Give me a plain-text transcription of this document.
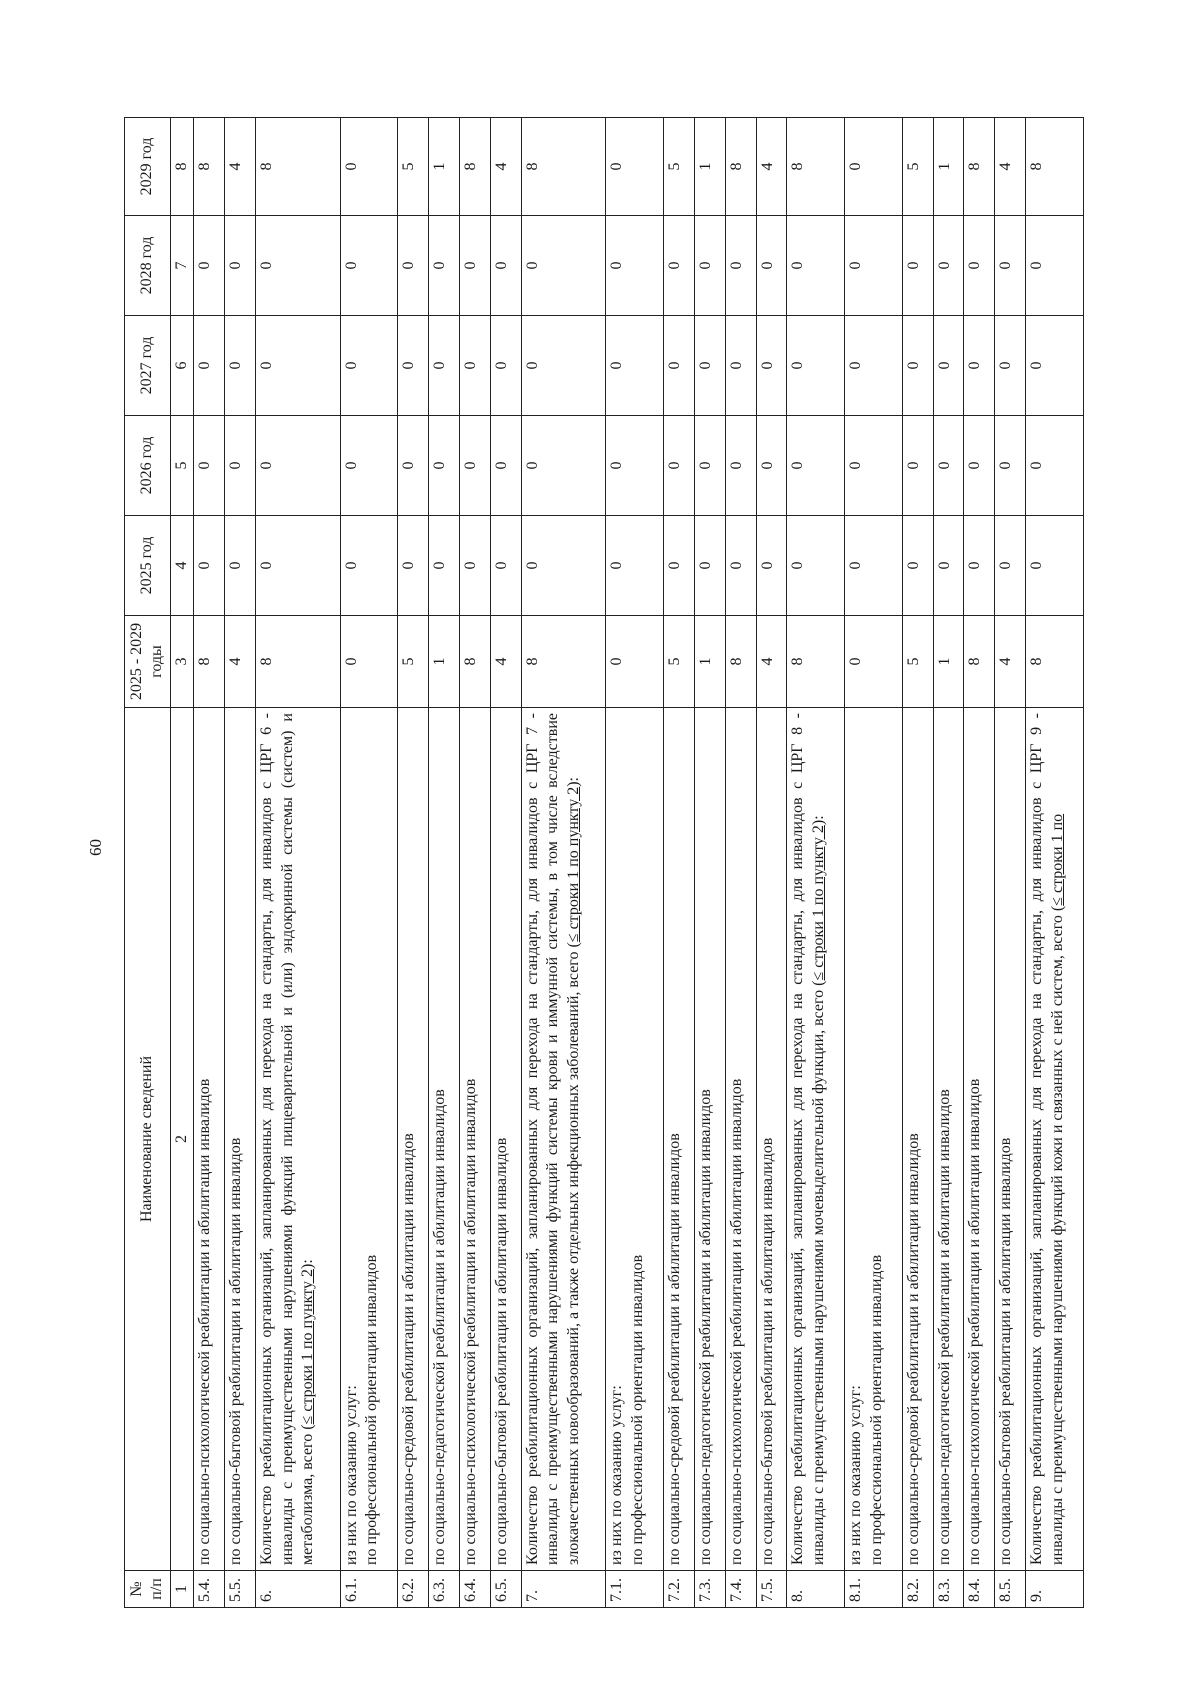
60
№ п/п	Наименование сведений	2025 - 2029 годы	2025 год	2026 год	2027 год	2028 год	2029 год
1	2	3	4	5	6	7	8
5.4.	по социально-психологической реабилитации и абилитации инвалидов	8	0	0	0	0	8
5.5.	по социально-бытовой реабилитации и абилитации инвалидов	4	0	0	0	0	4
6.	Количество реабилитационных организаций, запланированных для перехода на стандарты, для инвалидов с ЦРГ 6 - инвалиды с преимущественными нарушениями функций пищеварительной и (или) эндокринной системы (систем) и метаболизма, всего (≤ строки 1 по пункту 2):	8	0	0	0	0	8
6.1.	из них по оказанию услуг: по профессиональной ориентации инвалидов	0	0	0	0	0	0
6.2.	по социально-средовой реабилитации и абилитации инвалидов	5	0	0	0	0	5
6.3.	по социально-педагогической реабилитации и абилитации инвалидов	1	0	0	0	0	1
6.4.	по социально-психологической реабилитации и абилитации инвалидов	8	0	0	0	0	8
6.5.	по социально-бытовой реабилитации и абилитации инвалидов	4	0	0	0	0	4
7.	Количество реабилитационных организаций, запланированных для перехода на стандарты, для инвалидов с ЦРГ 7 - инвалиды с преимущественными нарушениями функций системы крови и иммунной системы, в том числе вследствие злокачественных новообразований, а также отдельных инфекционных заболеваний, всего (≤ строки 1 по пункту 2):	8	0	0	0	0	8
7.1.	из них по оказанию услуг: по профессиональной ориентации инвалидов	0	0	0	0	0	0
7.2.	по социально-средовой реабилитации и абилитации инвалидов	5	0	0	0	0	5
7.3.	по социально-педагогической реабилитации и абилитации инвалидов	1	0	0	0	0	1
7.4.	по социально-психологической реабилитации и абилитации инвалидов	8	0	0	0	0	8
7.5.	по социально-бытовой реабилитации и абилитации инвалидов	4	0	0	0	0	4
8.	Количество реабилитационных организаций, запланированных для перехода на стандарты, для инвалидов с ЦРГ 8 - инвалиды с преимущественными нарушениями мочевыделительной функции, всего (≤ строки 1 по пункту 2):	8	0	0	0	0	8
8.1.	из них по оказанию услуг: по профессиональной ориентации инвалидов	0	0	0	0	0	0
8.2.	по социально-средовой реабилитации и абилитации инвалидов	5	0	0	0	0	5
8.3.	по социально-педагогической реабилитации и абилитации инвалидов	1	0	0	0	0	1
8.4.	по социально-психологической реабилитации и абилитации инвалидов	8	0	0	0	0	8
8.5.	по социально-бытовой реабилитации и абилитации инвалидов	4	0	0	0	0	4
9.	Количество реабилитационных организаций, запланированных для перехода на стандарты, для инвалидов с ЦРГ 9 - инвалиды с преимущественными нарушениями функций кожи и связанных с ней систем, всего (≤ строки 1 по	8	0	0	0	0	8
